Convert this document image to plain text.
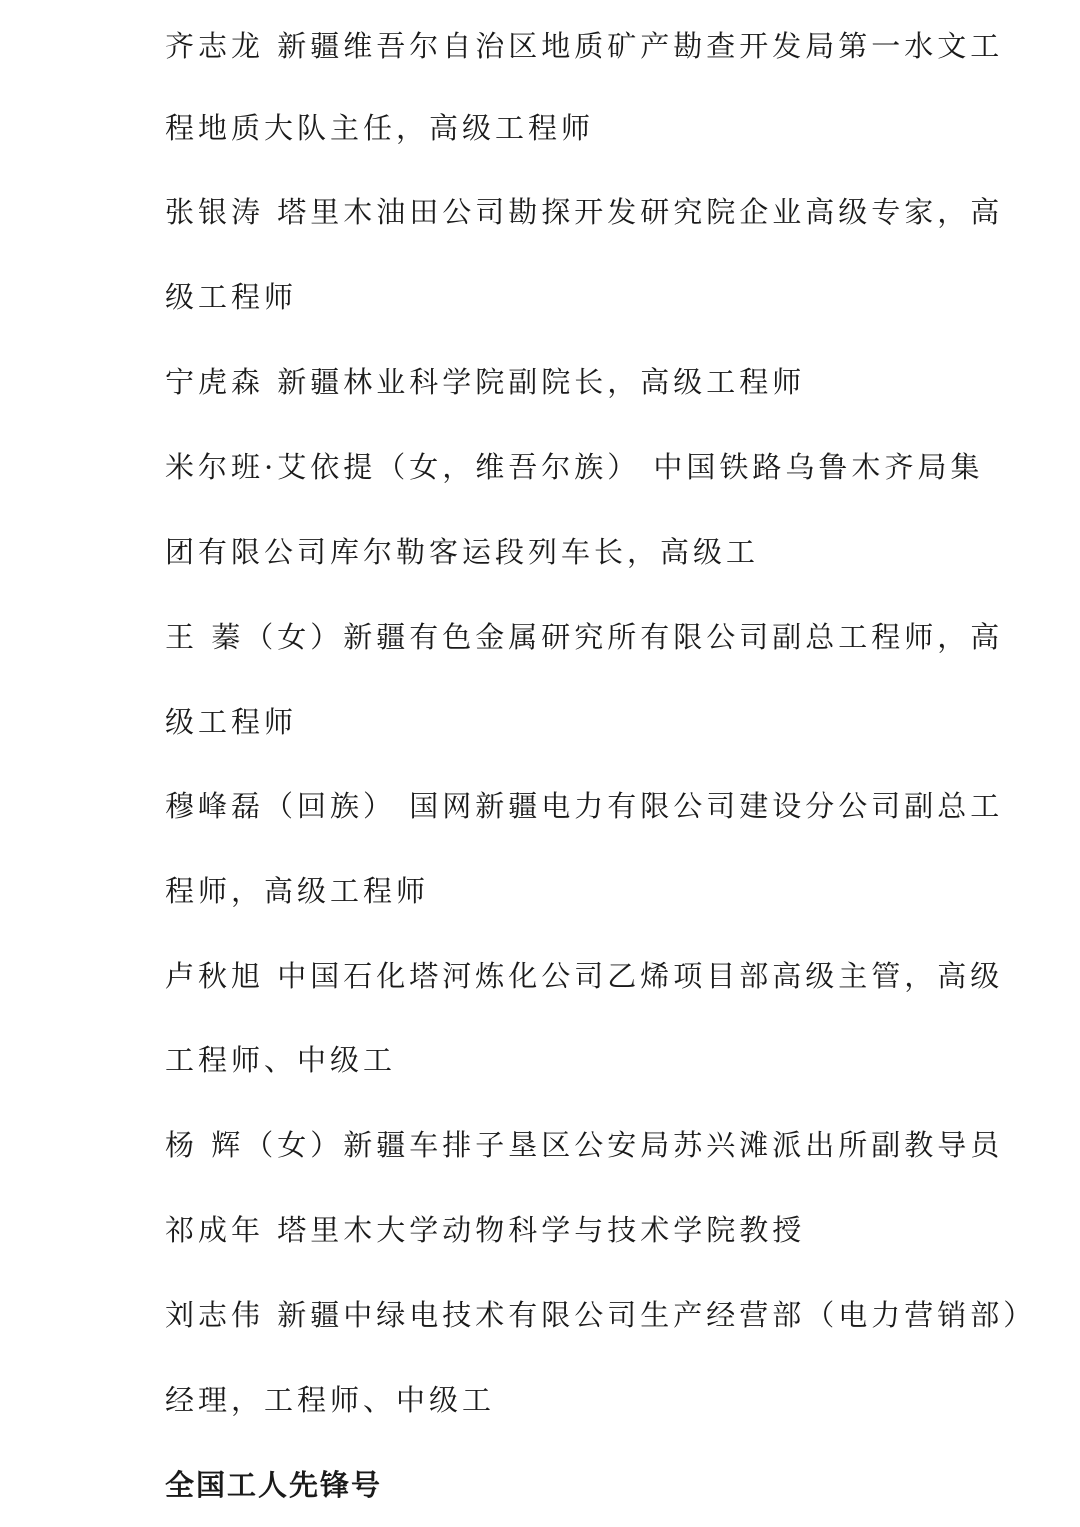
齐志龙 新疆维吾尔自治区地质矿产勘查开发局第一水文工
程地质大队主任，高级工程师
张银涛 塔里木油田公司勘探开发研究院企业高级专家，高
级工程师
宁虎森 新疆林业科学院副院长，高级工程师
米尔班·艾依提（女，维吾尔族） 中国铁路乌鲁木齐局集
团有限公司库尔勒客运段列车长，高级工
王 蓁（女）新疆有色金属研究所有限公司副总工程师，高
级工程师
穆峰磊（回族） 国网新疆电力有限公司建设分公司副总工
程师，高级工程师
卢秋旭 中国石化塔河炼化公司乙烯项目部高级主管，高级
工程师、中级工
杨 辉（女）新疆车排子垦区公安局苏兴滩派出所副教导员
祁成年 塔里木大学动物科学与技术学院教授
刘志伟 新疆中绿电技术有限公司生产经营部（电力营销部）
经理，工程师、中级工
全国工人先锋号
